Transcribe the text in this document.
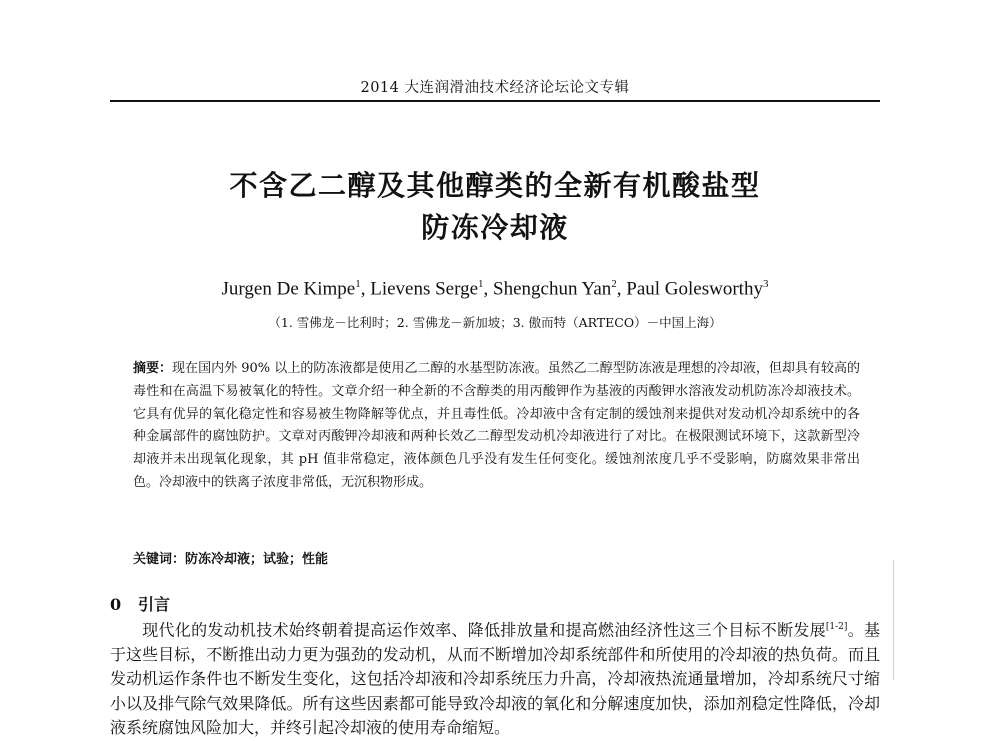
2014 大连润滑油技术经济论坛论文专辑
不含乙二醇及其他醇类的全新有机酸盐型
防冻冷却液
Jurgen De Kimpe$^1$, Lievens Serge$^1$, Shengchun Yan$^2$, Paul Golesworthy$^3$
（1. 雪佛龙－比利时；2. 雪佛龙－新加坡；3. 傲而特（ARTECO）－中国上海）
摘要：现在国内外 90% 以上的防冻液都是使用乙二醇的水基型防冻液。虽然乙二醇型防冻液是理想的冷却液，但却具有较高的毒性和在高温下易被氧化的特性。文章介绍一种全新的不含醇类的用丙酸钾作为基液的丙酸钾水溶液发动机防冻冷却液技术。它具有优异的氧化稳定性和容易被生物降解等优点，并且毒性低。冷却液中含有定制的缓蚀剂来提供对发动机冷却系统中的各种金属部件的腐蚀防护。文章对丙酸钾冷却液和两种长效乙二醇型发动机冷却液进行了对比。在极限测试环境下，这款新型冷却液并未出现氧化现象，其 pH 值非常稳定，液体颜色几乎没有发生任何变化。缓蚀剂浓度几乎不受影响，防腐效果非常出色。冷却液中的铁离子浓度非常低，无沉积物形成。
关键词：防冻冷却液；试验；性能
0 引言
现代化的发动机技术始终朝着提高运作效率、降低排放量和提高燃油经济性这三个目标不断发展[1-2]。基于这些目标，不断推出动力更为强劲的发动机，从而不断增加冷却系统部件和所使用的冷却液的热负荷。而且发动机运作条件也不断发生变化，这包括冷却液和冷却系统压力升高，冷却液热流通量增加，冷却系统尺寸缩小以及排气除气效果降低。所有这些因素都可能导致冷却液的氧化和分解速度加快，添加剂稳定性降低，冷却液系统腐蚀风险加大，并终引起冷却液的使用寿命缩短。
